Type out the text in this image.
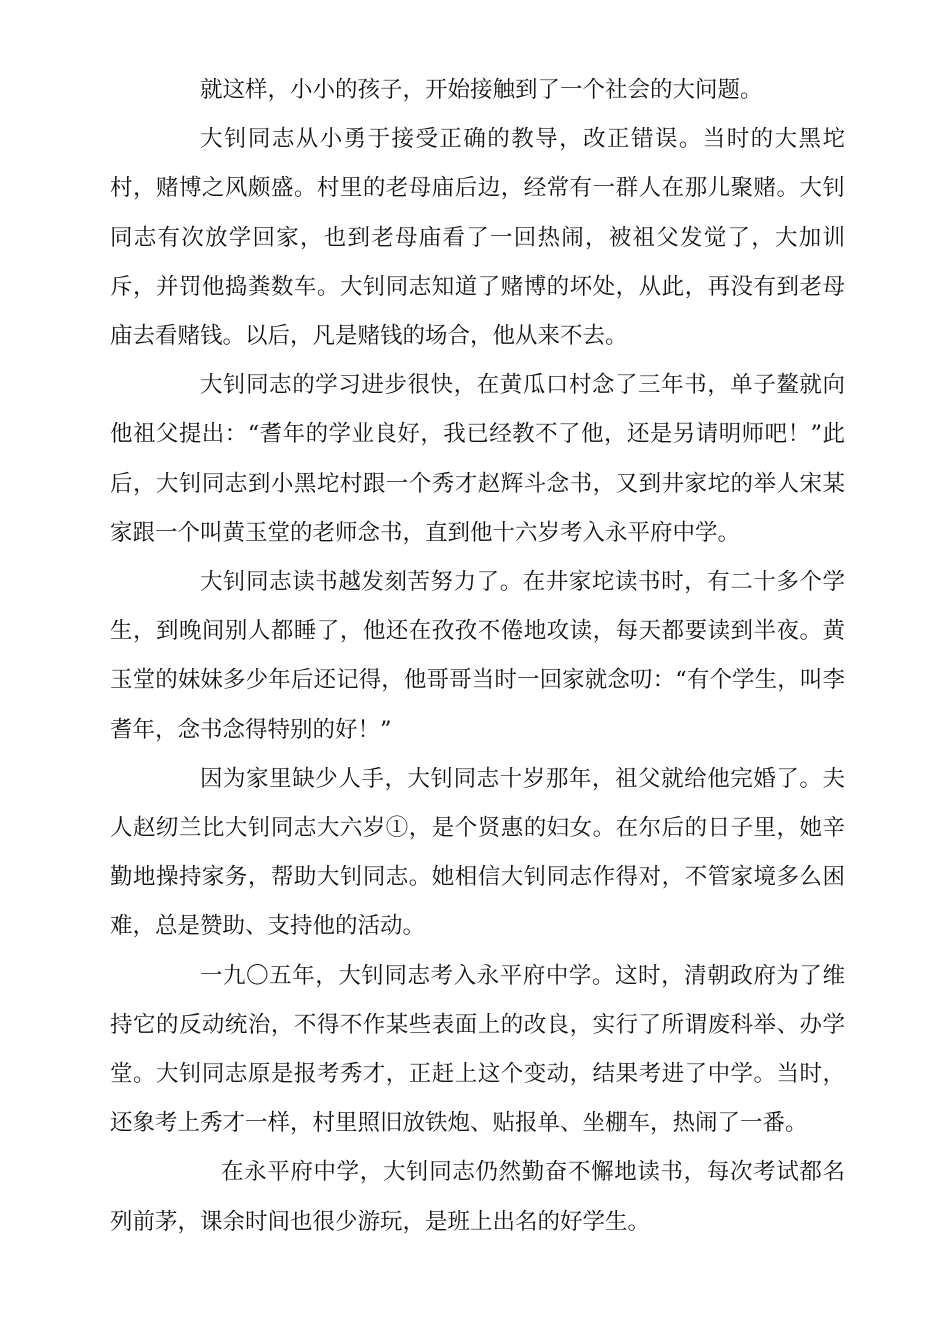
就这样，小小的孩子，开始接触到了一个社会的大问题。

大钊同志从小勇于接受正确的教导，改正错误。当时的大黑坨村，赌博之风颇盛。村里的老母庙后边，经常有一群人在那儿聚赌。大钊同志有次放学回家，也到老母庙看了一回热闹，被祖父发觉了，大加训斥，并罚他捣粪数车。大钊同志知道了赌博的坏处，从此，再没有到老母庙去看赌钱。以后，凡是赌钱的场合，他从来不去。

大钊同志的学习进步很快，在黄瓜口村念了三年书，单子鳌就向他祖父提出：“耆年的学业良好，我已经教不了他，还是另请明师吧！”此后，大钊同志到小黑坨村跟一个秀才赵辉斗念书，又到井家坨的举人宋某家跟一个叫黄玉堂的老师念书，直到他十六岁考入永平府中学。

大钊同志读书越发刻苦努力了。在井家坨读书时，有二十多个学生，到晚间别人都睡了，他还在孜孜不倦地攻读，每天都要读到半夜。黄玉堂的妹妹多少年后还记得，他哥哥当时一回家就念叨：“有个学生，叫李耆年，念书念得特别的好！”

因为家里缺少人手，大钊同志十岁那年，祖父就给他完婚了。夫人赵纫兰比大钊同志大六岁①，是个贤惠的妇女。在尔后的日子里，她辛勤地操持家务，帮助大钊同志。她相信大钊同志作得对，不管家境多么困难，总是赞助、支持他的活动。

一九〇五年，大钊同志考入永平府中学。这时，清朝政府为了维持它的反动统治，不得不作某些表面上的改良，实行了所谓废科举、办学堂。大钊同志原是报考秀才，正赶上这个变动，结果考进了中学。当时，还象考上秀才一样，村里照旧放铁炮、贴报单、坐棚车，热闹了一番。

在永平府中学，大钊同志仍然勤奋不懈地读书，每次考试都名列前茅，课余时间也很少游玩，是班上出名的好学生。
